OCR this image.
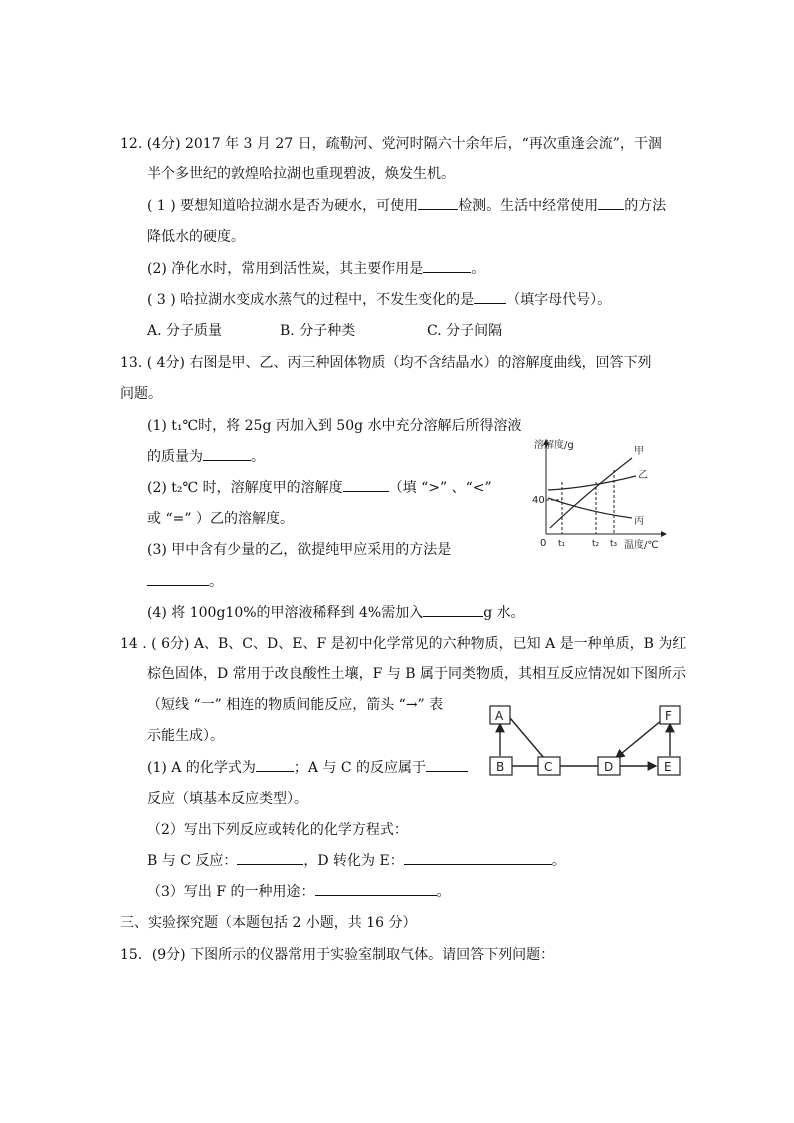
12. (4分) 2017 年 3 月 27 日，疏勒河、党河时隔六十余年后，“再次重逢会流”，干涸
半个多世纪的敦煌哈拉湖也重现碧波，焕发生机。
( 1 ) 要想知道哈拉湖水是否为硬水，可使用	检测。生活中经常使用 的方法
降低水的硬度。
(2) 净化水时，常用到活性炭，其主要作用是	。
( 3 ) 哈拉湖水变成水蒸气的过程中，不发生变化的是 （填字母代号）。
A. 分子质量	B. 分子种类	C. 分子间隔
13. ( 4分) 右图是甲、乙、丙三种固体物质（均不含结晶水）的溶解度曲线，回答下列
问题。
(1) t₁℃时，将 25g 丙加入到 50g 水中充分溶解后所得溶液
的质量为	。
(2) t₂℃ 时，溶解度甲的溶解度	（填 “>” 、“<”
或 “=” ）乙的溶解度。
(3) 甲中含有少量的乙，欲提纯甲应采用的方法是
。
(4) 将 100g10%的甲溶液稀释到 4%需加入	g 水。
溶解度/g
温度/℃
0
40
t₁	t₂ t₃
甲
乙
丙
14 . ( 6分) A、B、C、D、E、F 是初中化学常见的六种物质，已知 A 是一种单质，B 为红
棕色固体，D 常用于改良酸性土壤，F 与 B 属于同类物质，其相互反应情况如下图所示
（短线 “一” 相连的物质间能反应，箭头 “→” 表
示能生成）。
(1) A 的化学式为	；A 与 C 的反应属于
反应（填基本反应类型）。
（2）写出下列反应或转化的化学方程式：
B 与 C 反应：	，D 转化为 E：	。
（3）写出 F 的一种用途：	。
A
B	C	D	E
F
三、实验探究题（本题包括 2 小题，共 16 分）
15．(9分) 下图所示的仪器常用于实验室制取气体。请回答下列问题：
